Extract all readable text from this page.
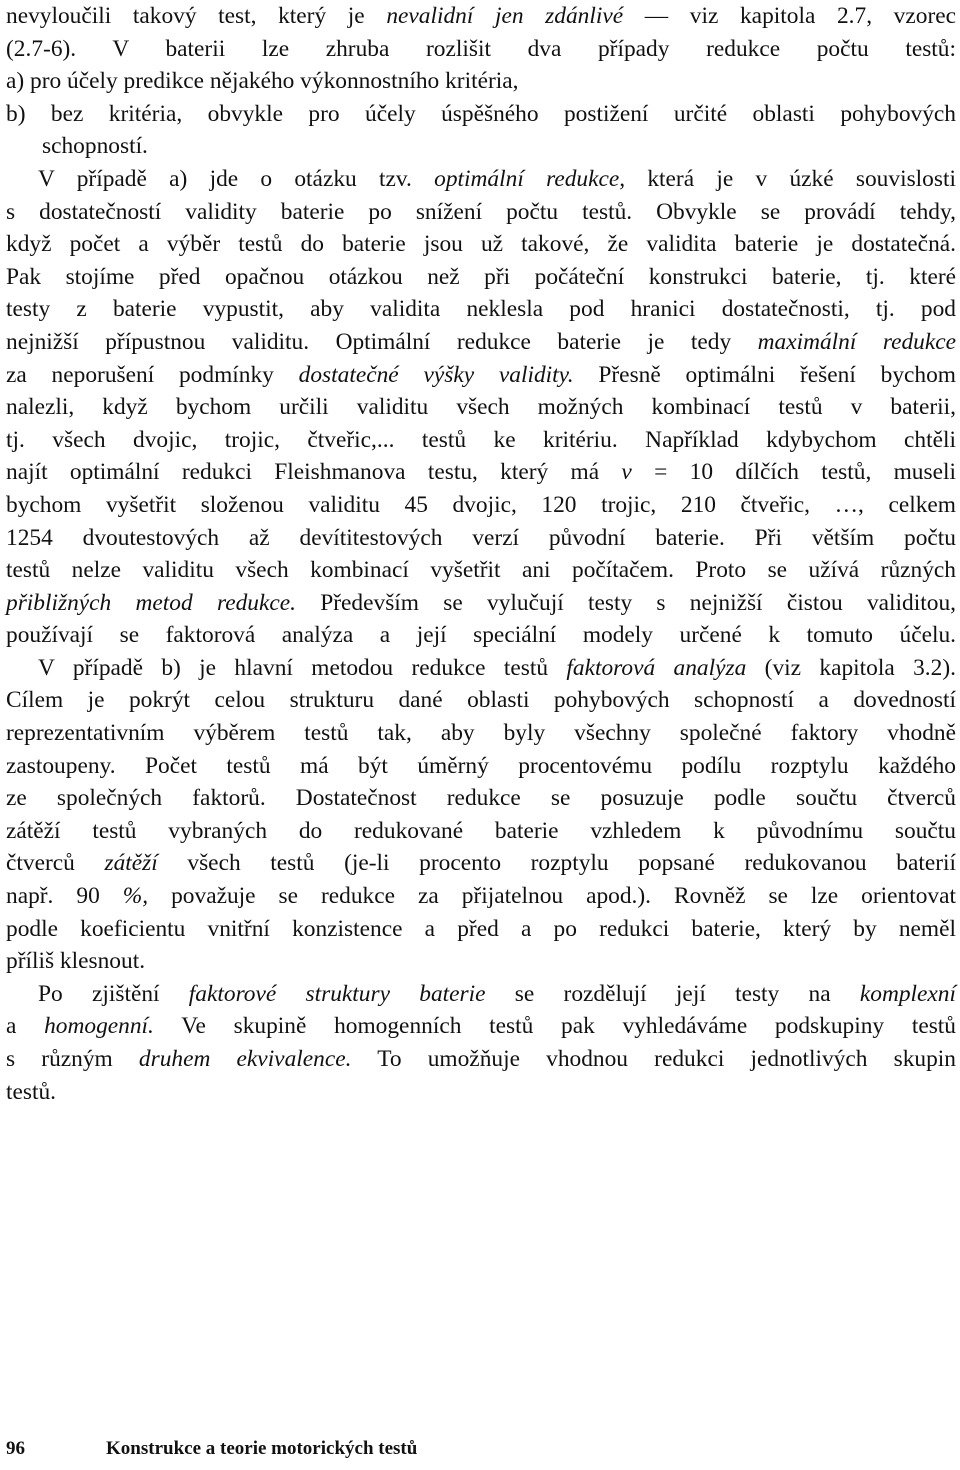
nevyloučili takový test, který je nevalidní jen zdánlivé — viz kapitola 2.7, vzorec
(2.7-6). V baterii lze zhruba rozlišit dva případy redukce počtu testů:
a) pro účely predikce nějakého výkonnostního kritéria,
b) bez kritéria, obvykle pro účely úspěšného postižení určité oblasti pohybových
schopností.
V případě a) jde o otázku tzv. optimální redukce, která je v úzké souvislosti
s dostatečností validity baterie po snížení počtu testů. Obvykle se provádí tehdy,
když počet a výběr testů do baterie jsou už takové, že validita baterie je dostatečná.
Pak stojíme před opačnou otázkou než při počáteční konstrukci baterie, tj. které
testy z baterie vypustit, aby validita neklesla pod hranici dostatečnosti, tj. pod
nejnižší přípustnou validitu. Optimální redukce baterie je tedy maximální redukce
za neporušení podmínky dostatečné výšky validity. Přesně optimálni řešení bychom
nalezli, když bychom určili validitu všech možných kombinací testů v baterii,
tj. všech dvojic, trojic, čtveřic,... testů ke kritériu. Například kdybychom chtěli
najít optimální redukci Fleishmanova testu, který má v = 10 dílčích testů, museli
bychom vyšetřit složenou validitu 45 dvojic, 120 trojic, 210 čtveřic, …, celkem
1254 dvoutestových až devítitestových verzí původní baterie. Při větším počtu
testů nelze validitu všech kombinací vyšetřit ani počítačem. Proto se užívá různých
přibližných metod redukce. Především se vylučují testy s nejnižší čistou validitou,
používají se faktorová analýza a její speciální modely určené k tomuto účelu.
V případě b) je hlavní metodou redukce testů faktorová analýza (viz kapitola 3.2).
Cílem je pokrýt celou strukturu dané oblasti pohybových schopností a dovedností
reprezentativním výběrem testů tak, aby byly všechny společné faktory vhodně
zastoupeny. Počet testů má být úměrný procentovému podílu rozptylu každého
ze společných faktorů. Dostatečnost redukce se posuzuje podle součtu čtverců
zátěží testů vybraných do redukované baterie vzhledem k původnímu součtu
čtverců zátěží všech testů (je-li procento rozptylu popsané redukovanou baterií
např. 90 %, považuje se redukce za přijatelnou apod.). Rovněž se lze orientovat
podle koeficientu vnitřní konzistence a před a po redukci baterie, který by neměl
příliš klesnout.
Po zjištění faktorové struktury baterie se rozdělují její testy na komplexní
a homogenní. Ve skupině homogenních testů pak vyhledáváme podskupiny testů
s různým druhem ekvivalence. To umožňuje vhodnou redukci jednotlivých skupin
testů.
96	Konstrukce a teorie motorických testů
